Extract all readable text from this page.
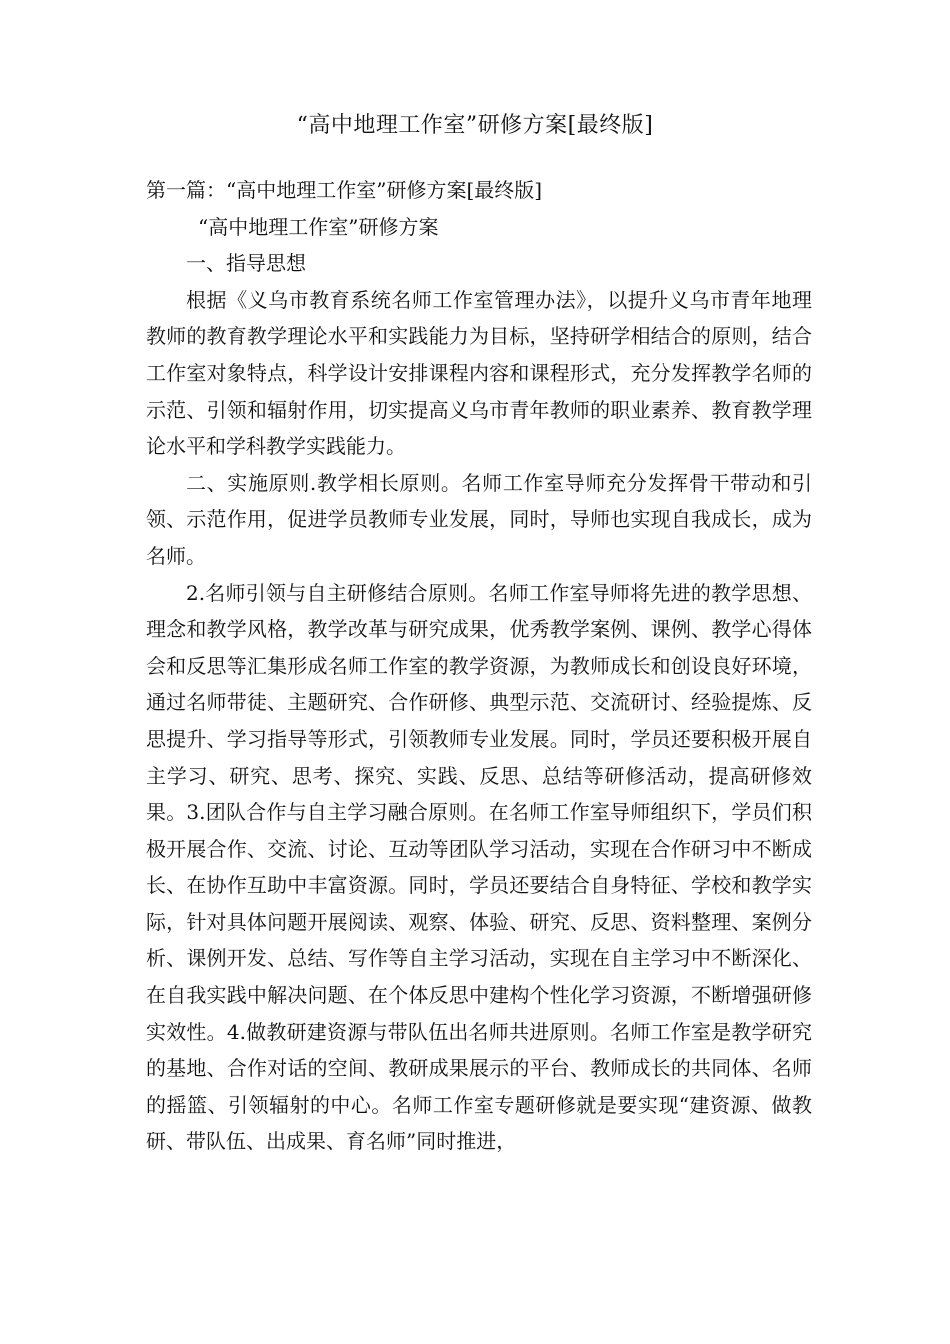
“高中地理工作室”研修方案[最终版]

第一篇：“高中地理工作室”研修方案[最终版]

“高中地理工作室”研修方案

一、指导思想

根据《义乌市教育系统名师工作室管理办法》，以提升义乌市青年地理教师的教育教学理论水平和实践能力为目标，坚持研学相结合的原则，结合工作室对象特点，科学设计安排课程内容和课程形式，充分发挥教学名师的示范、引领和辐射作用，切实提高义乌市青年教师的职业素养、教育教学理论水平和学科教学实践能力。

二、实施原则.教学相长原则。名师工作室导师充分发挥骨干带动和引领、示范作用，促进学员教师专业发展，同时，导师也实现自我成长，成为名师。

2.名师引领与自主研修结合原则。名师工作室导师将先进的教学思想、理念和教学风格，教学改革与研究成果，优秀教学案例、课例、教学心得体会和反思等汇集形成名师工作室的教学资源，为教师成长和创设良好环境，通过名师带徒、主题研究、合作研修、典型示范、交流研讨、经验提炼、反思提升、学习指导等形式，引领教师专业发展。同时，学员还要积极开展自主学习、研究、思考、探究、实践、反思、总结等研修活动，提高研修效果。3.团队合作与自主学习融合原则。在名师工作室导师组织下，学员们积极开展合作、交流、讨论、互动等团队学习活动，实现在合作研习中不断成长、在协作互助中丰富资源。同时，学员还要结合自身特征、学校和教学实际，针对具体问题开展阅读、观察、体验、研究、反思、资料整理、案例分析、课例开发、总结、写作等自主学习活动，实现在自主学习中不断深化、在自我实践中解决问题、在个体反思中建构个性化学习资源，不断增强研修实效性。4.做教研建资源与带队伍出名师共进原则。名师工作室是教学研究的基地、合作对话的空间、教研成果展示的平台、教师成长的共同体、名师的摇篮、引领辐射的中心。名师工作室专题研修就是要实现“建资源、做教研、带队伍、出成果、育名师”同时推进，
